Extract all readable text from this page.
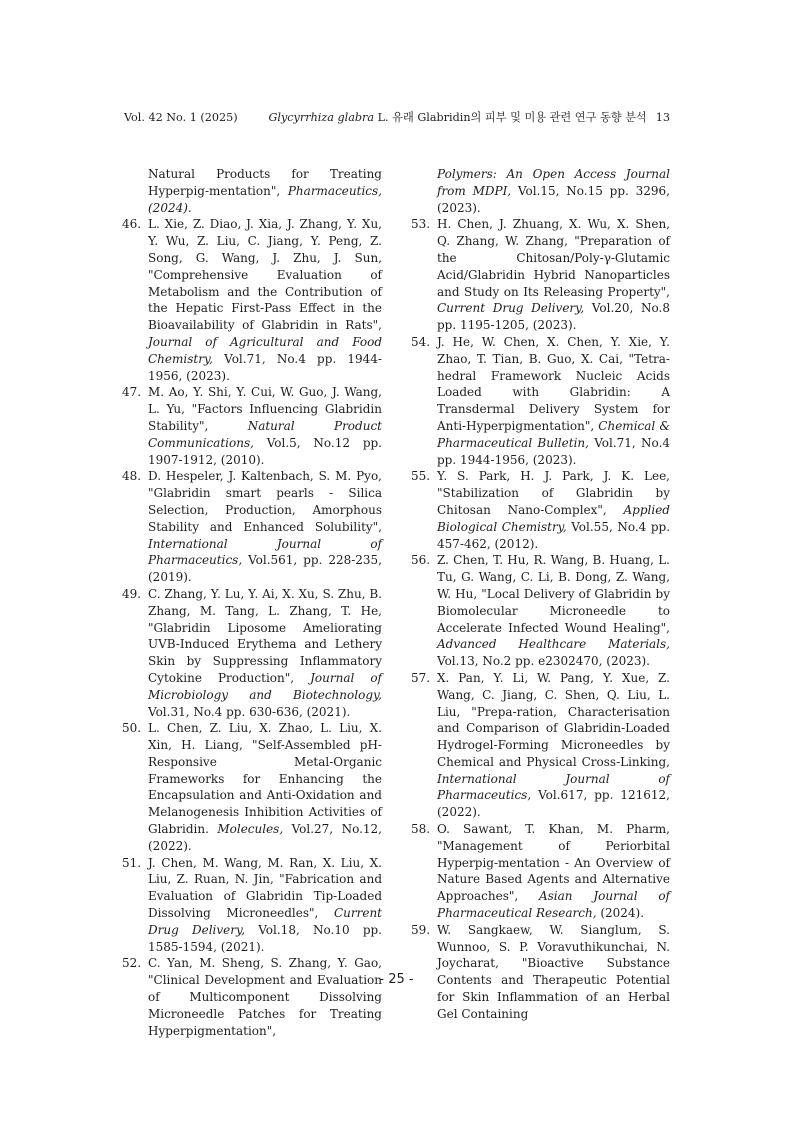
Vol. 42 No. 1 (2025)	Glycyrrhiza glabra L. 유래 Glabridin의 피부 및 미용 관련 연구 동향 분석 13
Natural Products for Treating Hyperpig-mentation", Pharmaceutics, (2024).
46. L. Xie, Z. Diao, J. Xia, J. Zhang, Y. Xu, Y. Wu, Z. Liu, C. Jiang, Y. Peng, Z. Song, G. Wang, J. Zhu, J. Sun, "Comprehensive Evaluation of Metabolism and the Contribution of the Hepatic First-Pass Effect in the Bioavailability of Glabridin in Rats", Journal of Agricultural and Food Chemistry, Vol.71, No.4 pp. 1944-1956, (2023).
47. M. Ao, Y. Shi, Y. Cui, W. Guo, J. Wang, L. Yu, "Factors Influencing Glabridin Stability", Natural Product Communications, Vol.5, No.12 pp. 1907-1912, (2010).
48. D. Hespeler, J. Kaltenbach, S. M. Pyo, "Glabridin smart pearls - Silica Selection, Production, Amorphous Stability and Enhanced Solubility", International Journal of Pharmaceutics, Vol.561, pp. 228-235, (2019).
49. C. Zhang, Y. Lu, Y. Ai, X. Xu, S. Zhu, B. Zhang, M. Tang, L. Zhang, T. He, "Glabridin Liposome Ameliorating UVB-Induced Erythema and Lethery Skin by Suppressing Inflammatory Cytokine Production", Journal of Microbiology and Biotechnology, Vol.31, No.4 pp. 630-636, (2021).
50. L. Chen, Z. Liu, X. Zhao, L. Liu, X. Xin, H. Liang, "Self-Assembled pH-Responsive Metal-Organic Frameworks for Enhancing the Encapsulation and Anti-Oxidation and Melanogenesis Inhibition Activities of Glabridin. Molecules, Vol.27, No.12, (2022).
51. J. Chen, M. Wang, M. Ran, X. Liu, X. Liu, Z. Ruan, N. Jin, "Fabrication and Evaluation of Glabridin Tip-Loaded Dissolving Microneedles", Current Drug Delivery, Vol.18, No.10 pp. 1585-1594, (2021).
52. C. Yan, M. Sheng, S. Zhang, Y. Gao, "Clinical Development and Evaluation of Multicomponent Dissolving Microneedle Patches for Treating Hyperpigmentation",
Polymers: An Open Access Journal from MDPI, Vol.15, No.15 pp. 3296, (2023).
53. H. Chen, J. Zhuang, X. Wu, X. Shen, Q. Zhang, W. Zhang, "Preparation of the Chitosan/Poly-γ-Glutamic Acid/Glabridin Hybrid Nanoparticles and Study on Its Releasing Property", Current Drug Delivery, Vol.20, No.8 pp. 1195-1205, (2023).
54. J. He, W. Chen, X. Chen, Y. Xie, Y. Zhao, T. Tian, B. Guo, X. Cai, "Tetra-hedral Framework Nucleic Acids Loaded with Glabridin: A Transdermal Delivery System for Anti-Hyperpigmentation", Chemical & Pharmaceutical Bulletin, Vol.71, No.4 pp. 1944-1956, (2023).
55. Y. S. Park, H. J. Park, J. K. Lee, "Stabilization of Glabridin by Chitosan Nano-Complex", Applied Biological Chemistry, Vol.55, No.4 pp. 457-462, (2012).
56. Z. Chen, T. Hu, R. Wang, B. Huang, L. Tu, G. Wang, C. Li, B. Dong, Z. Wang, W. Hu, "Local Delivery of Glabridin by Biomolecular Microneedle to Accelerate Infected Wound Healing", Advanced Healthcare Materials, Vol.13, No.2 pp. e2302470, (2023).
57. X. Pan, Y. Li, W. Pang, Y. Xue, Z. Wang, C. Jiang, C. Shen, Q. Liu, L. Liu, "Prepa-ration, Characterisation and Comparison of Glabridin-Loaded Hydrogel-Forming Microneedles by Chemical and Physical Cross-Linking, International Journal of Pharmaceutics, Vol.617, pp. 121612, (2022).
58. O. Sawant, T. Khan, M. Pharm, "Management of Periorbital Hyperpig-mentation - An Overview of Nature Based Agents and Alternative Approaches", Asian Journal of Pharmaceutical Research, (2024).
59. W. Sangkaew, W. Sianglum, S. Wunnoo, S. P. Voravuthikunchai, N. Joycharat, "Bioactive Substance Contents and Therapeutic Potential for Skin Inflammation of an Herbal Gel Containing
- 25 -
